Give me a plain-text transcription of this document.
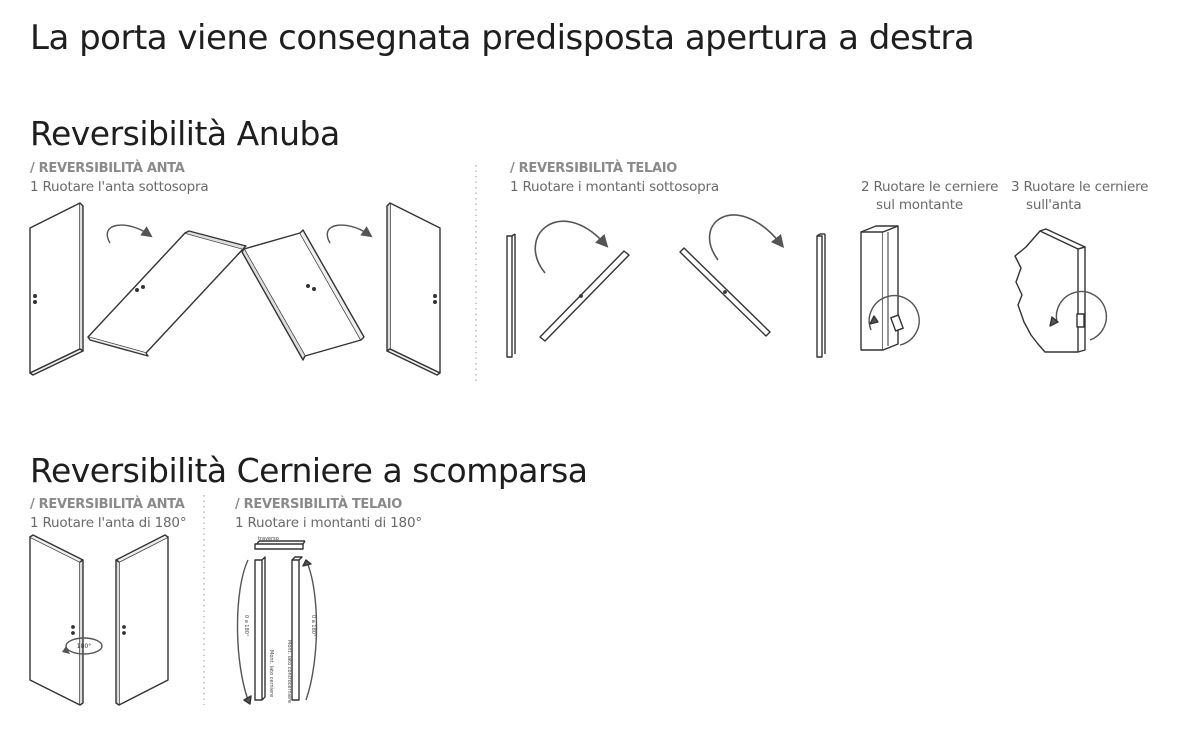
La porta viene consegnata predisposta apertura a destra
Reversibilità Anuba
/ REVERSIBILITÀ ANTA
1 Ruotare l'anta sottosopra
/ REVERSIBILITÀ TELAIO
1 Ruotare i montanti sottosopra	2 Ruotare le cerniere
sul montante
3 Ruotare le cerniere
sull'anta
Reversibilità Cerniere a scomparsa
/ REVERSIBILITÀ ANTA
1 Ruotare l'anta di 180°
/ REVERSIBILITÀ TELAIO
1 Ruotare i montanti di 180°
180°
traverso
0 a 180°
Mont. lato cerniere
0 a 180°
Mont. lato controcerniere
